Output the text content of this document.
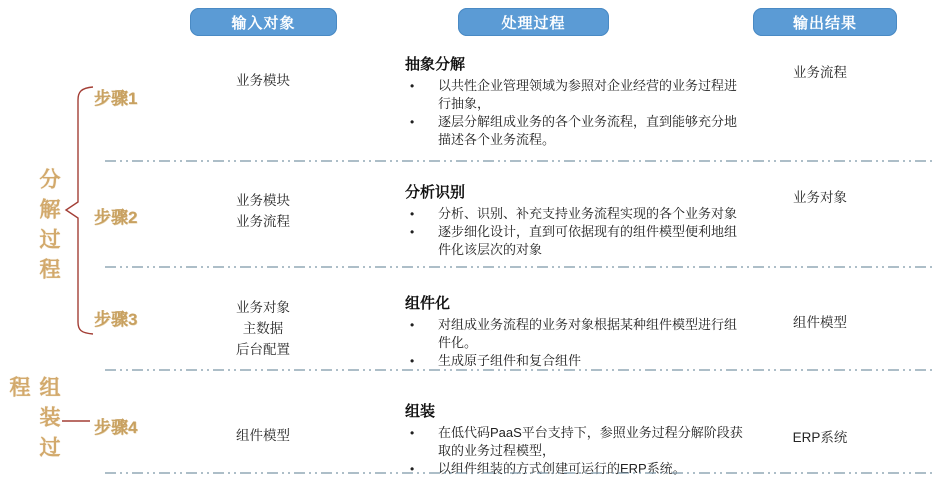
输入对象	处理过程	输出结果
分解过程
组装过程
步骤1
步骤2
步骤3
步骤4
业务模块
抽象分解
•
以共性企业管理领域为参照对企业经营的业务过程进行抽象，
•
逐层分解组成业务的各个业务流程，直到能够充分地描述各个业务流程。
业务流程
业务模块
业务流程
分析识别
•
分析、识别、补充支持业务流程实现的各个业务对象
•
逐步细化设计，直到可依据现有的组件模型便利地组件化该层次的对象
业务对象
业务对象
主数据
后台配置
组件化
•
对组成业务流程的业务对象根据某种组件模型进行组件化。
•
生成原子组件和复合组件
组件模型
组件模型
组装
•
在低代码PaaS平台支持下，参照业务过程分解阶段获取的业务过程模型，
•
以组件组装的方式创建可运行的ERP系统。
ERP系统
